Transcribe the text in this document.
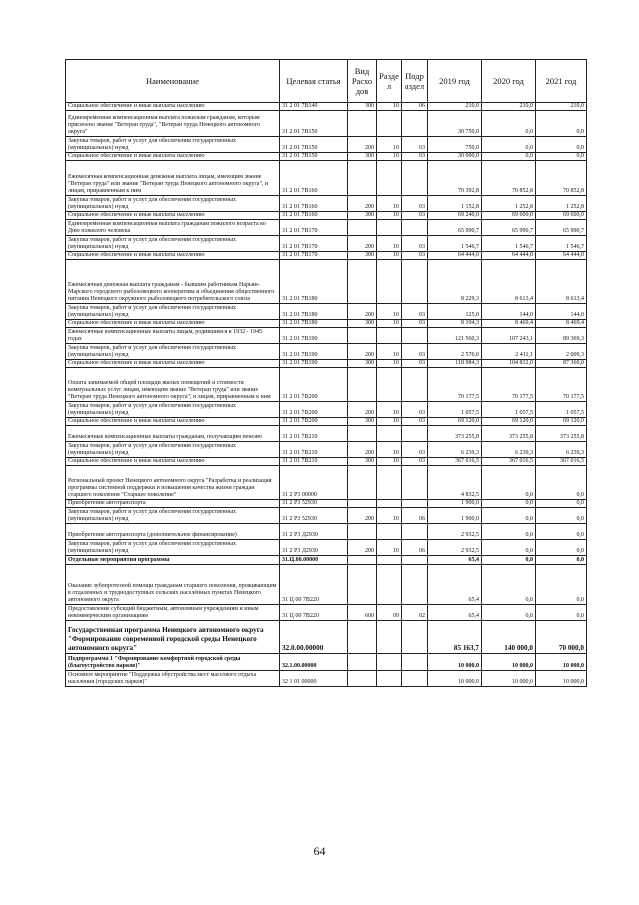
Наименование	Целевая статья	Вид Расхо дов	Разде л	Подр аздел	2019 год	2020 год	2021 год
Социальное обеспечение и иные выплаты населению	31 2 01 7В140	300	10	06	210,0	210,0	210,0
Единовременная компенсационная выплата пожилым гражданам, которым присвоено звание "Ветеран труда", "Ветеран труда Ненецкого автономного округа"	31 2 01 7В150				30 750,0	0,0	0,0
Закупка товаров, работ и услуг для обеспечения государственных (муниципальных) нужд	31 2 01 7В150	200	10	03	750,0	0,0	0,0
Социальное обеспечение и иные выплаты населению	31 2 01 7В150	300	10	03	30 000,0	0,0	0,0
Ежемесячная компенсационная денежная выплата лицам, имеющим звание "Ветеран труда" или звание "Ветеран труда Ненецкого автономного округа", и лицам, приравненным к ним	31 2 01 7В160				70 392,8	70 852,8	70 852,8
Закупка товаров, работ и услуг для обеспечения государственных (муниципальных) нужд	31 2 01 7В160	200	10	03	1 152,8	1 252,8	1 252,8
Социальное обеспечение и иные выплаты населению	31 2 01 7В160	300	10	03	69 240,0	69 600,0	69 600,0
Единовременная компенсационная выплата гражданам пожилого возраста ко Дню пожилого человека	31 2 01 7В170				65 990,7	65 990,7	65 990,7
Закупка товаров, работ и услуг для обеспечения государственных (муниципальных) нужд	31 2 01 7В170	200	10	03	1 546,7	1 546,7	1 546,7
Социальное обеспечение и иные выплаты населению	31 2 01 7В170	300	10	03	64 444,0	64 444,0	64 444,0
Ежемесячная денежная выплата гражданам - бывшим работникам Нарьян-Марского городского рыболовецкого кооператива и объединения общественного питания Ненецкого окружного рыболовецкого потребительского союза	31 2 01 7В180				8 229,3	8 613,4	8 613,4
Закупка товаров, работ и услуг для обеспечения государственных (муниципальных) нужд	31 2 01 7В180	200	10	03	125,0	144,0	144,0
Социальное обеспечение и иные выплаты населению	31 2 01 7В180	300	10	03	8 104,3	8 469,4	8 469,4
Ежемесячные компенсационные выплаты лицам, родившимся в 1932 - 1945 годах	31 2 01 7В190				121 560,3	107 243,1	89 369,3
Закупка товаров, работ и услуг для обеспечения государственных (муниципальных) нужд	31 2 01 7В190	200	10	03	2 576,0	2 411,1	2 009,3
Социальное обеспечение и иные выплаты населению	31 2 01 7В190	300	10	03	118 984,3	104 832,0	87 360,0
Оплата занимаемой общей площади жилых помещений и стоимости коммунальных услуг лицам, имеющим звание "Ветеран труда" или звание "Ветеран труда Ненецкого автономного округа", и лицам, приравненным к ним	31 2 01 7В200				70 177,5	70 177,5	70 177,5
Закупка товаров, работ и услуг для обеспечения государственных (муниципальных) нужд	31 2 01 7В200	200	10	03	1 057,5	1 057,5	1 057,5
Социальное обеспечение и иные выплаты населению	31 2 01 7В200	300	10	03	69 120,0	69 120,0	69 120,0
Ежемесячные компенсационные выплаты гражданам, получающим пенсию	31 2 01 7В210				373 255,8	373 255,8	373 255,8
Закупка товаров, работ и услуг для обеспечения государственных (муниципальных) нужд	31 2 01 7В210	200	10	03	6 239,3	6 239,3	6 239,3
Социальное обеспечение и иные выплаты населению	31 2 01 7В210	300	10	03	367 016,5	367 016,5	367 016,5
Региональный проект Ненецкого автономного округа "Разработка и реализация программы системной поддержки и повышения качества жизни граждан старшего поколения "Старшее поколение"	31 2 Р3 00000				4 832,5	0,0	0,0
Приобретение автотранспорта	31 2 Р3 52930				1 900,0	0,0	0,0
Закупка товаров, работ и услуг для обеспечения государственных (муниципальных) нужд	31 2 Р3 52930	200	10	06	1 900,0	0,0	0,0
Приобретение автотранспорта (дополнительное финансирование)	31 2 Р3 Д2930				2 932,5	0,0	0,0
Закупка товаров, работ и услуг для обеспечения государственных (муниципальных) нужд	31 2 Р3 Д2930	200	10	06	2 932,5	0,0	0,0
Отдельные мероприятия программы	31.Ц.00.00000				65,4	0,0	0,0
Оказание зубопротезной помощи гражданам старшего поколения, проживающим в отдаленных и труднодоступных сельских населённых пунктах Ненецкого автономного округа	31 Ц 00 7В220				65,4	0,0	0,0
Предоставление субсидий бюджетным, автономным учреждениям и иным некоммерческим организациям	31 Ц 00 7В220	600	09	02	65,4	0,0	0,0
Государственная программа Ненецкого автономного округа "Формирование современной городской среды Ненецкого автономного округа"	32.0.00.00000				85 163,7	140 000,0	70 000,0
Подпрограмма 1 "Формирование комфортной городской среды (благоустройство парков)"	32.1.00.00000				10 000,0	10 000,0	10 000,0
Основное мероприятие "Поддержка обустройства мест массового отдыха населения (городских парков)"	32 1 01 00000				10 000,0	10 000,0	10 000,0
64
